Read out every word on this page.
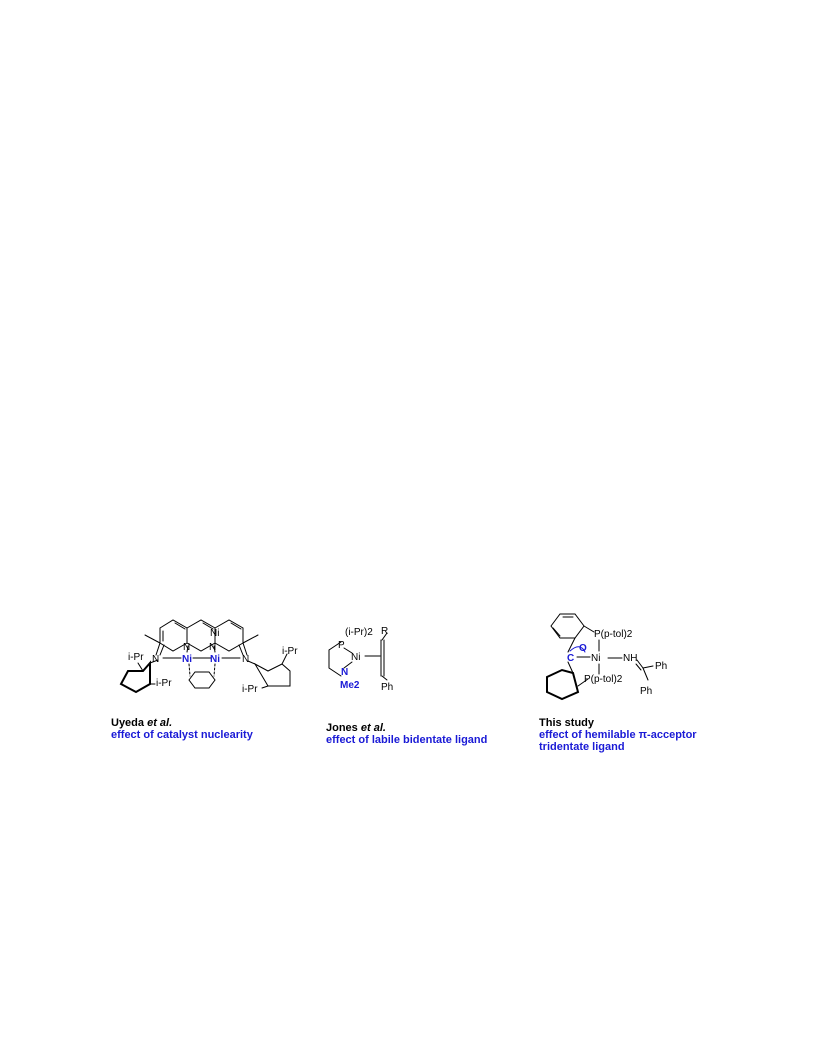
Ni
N N
N	N
Ni Ni
i-Pr
i-Pr
i-Pr
i-Pr
(i-Pr)2
P
Ni
N
Me2
R
Ph
P(p-tol)2
O
C Ni NH
P(p-tol)2
Ph
Ph
Uyeda et al.
effect of catalyst nuclearity
Jones et al.
effect of labile bidentate ligand
This study
effect of hemilable π-acceptor
tridentate ligand
